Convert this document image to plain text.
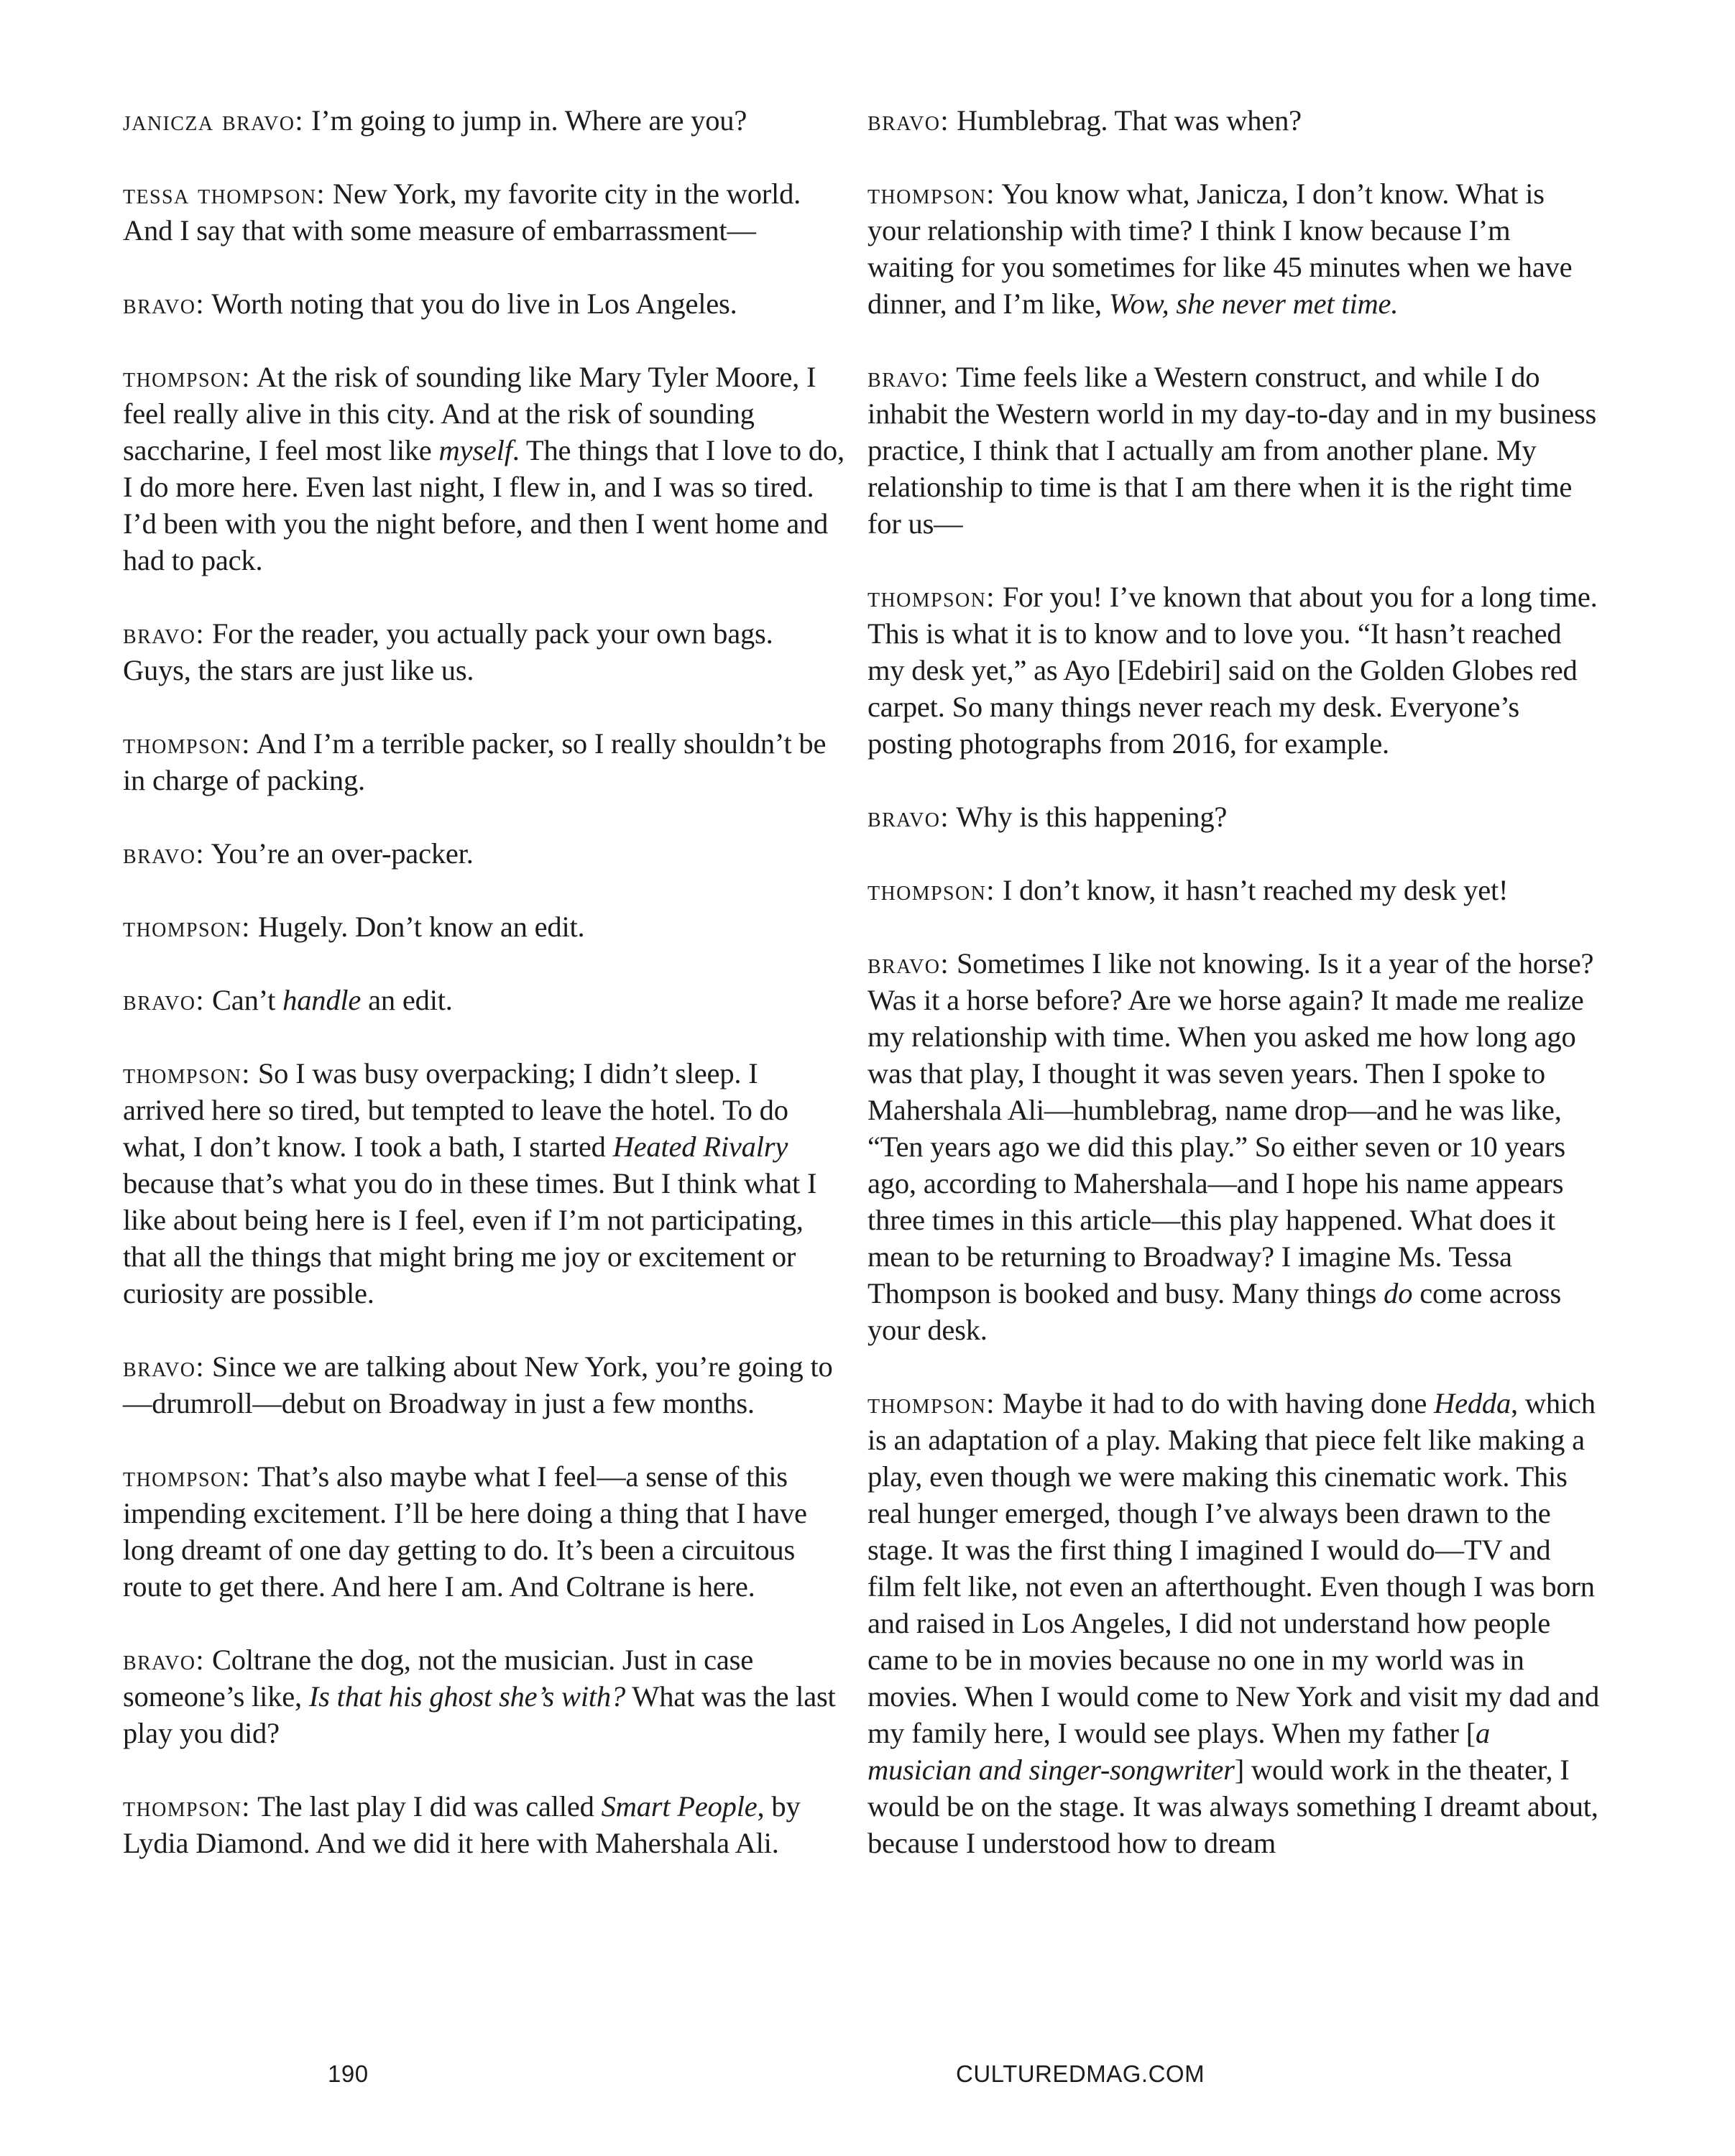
janicza bravo: I’m going to jump in. Where are you?

tessa thompson: New York, my favorite city in the world. And I say that with some measure of embarrassment—

bravo: Worth noting that you do live in Los Angeles.

thompson: At the risk of sounding like Mary Tyler Moore, I feel really alive in this city. And at the risk of sounding saccharine, I feel most like myself. The things that I love to do, I do more here. Even last night, I flew in, and I was so tired. I’d been with you the night before, and then I went home and had to pack.

bravo: For the reader, you actually pack your own bags. Guys, the stars are just like us.

thompson: And I’m a terrible packer, so I really shouldn’t be in charge of packing.

bravo: You’re an over-packer.

thompson: Hugely. Don’t know an edit.

bravo: Can’t handle an edit.

thompson: So I was busy overpacking; I didn’t sleep. I arrived here so tired, but tempted to leave the hotel. To do what, I don’t know. I took a bath, I started Heated Rivalry because that’s what you do in these times. But I think what I like about being here is I feel, even if I’m not participating, that all the things that might bring me joy or excitement or curiosity are possible.

bravo: Since we are talking about New York, you’re going to—drumroll—debut on Broadway in just a few months.

thompson: That’s also maybe what I feel—a sense of this impending excitement. I’ll be here doing a thing that I have long dreamt of one day getting to do. It’s been a circuitous route to get there. And here I am. And Coltrane is here.

bravo: Coltrane the dog, not the musician. Just in case someone’s like, Is that his ghost she’s with? What was the last play you did?

thompson: The last play I did was called Smart People, by Lydia Diamond. And we did it here with Mahershala Ali.

bravo: Humblebrag. That was when?

thompson: You know what, Janicza, I don’t know. What is your relationship with time? I think I know because I’m waiting for you sometimes for like 45 minutes when we have dinner, and I’m like, Wow, she never met time.

bravo: Time feels like a Western construct, and while I do inhabit the Western world in my day-to-day and in my business practice, I think that I actually am from another plane. My relationship to time is that I am there when it is the right time for us—

thompson: For you! I’ve known that about you for a long time. This is what it is to know and to love you. “It hasn’t reached my desk yet,” as Ayo [Edebiri] said on the Golden Globes red carpet. So many things never reach my desk. Everyone’s posting photographs from 2016, for example.

bravo: Why is this happening?

thompson: I don’t know, it hasn’t reached my desk yet!

bravo: Sometimes I like not knowing. Is it a year of the horse? Was it a horse before? Are we horse again? It made me realize my relationship with time. When you asked me how long ago was that play, I thought it was seven years. Then I spoke to Mahershala Ali—humblebrag, name drop—and he was like, “Ten years ago we did this play.” So either seven or 10 years ago, according to Mahershala—and I hope his name appears three times in this article—this play happened. What does it mean to be returning to Broadway? I imagine Ms. Tessa Thompson is booked and busy. Many things do come across your desk.

thompson: Maybe it had to do with having done Hedda, which is an adaptation of a play. Making that piece felt like making a play, even though we were making this cinematic work. This real hunger emerged, though I’ve always been drawn to the stage. It was the first thing I imagined I would do—TV and film felt like, not even an afterthought. Even though I was born and raised in Los Angeles, I did not understand how people came to be in movies because no one in my world was in movies. When I would come to New York and visit my dad and my family here, I would see plays. When my father [a musician and singer-songwriter] would work in the theater, I would be on the stage. It was always something I dreamt about, because I understood how to dream

190	CULTUREDMAG.COM
